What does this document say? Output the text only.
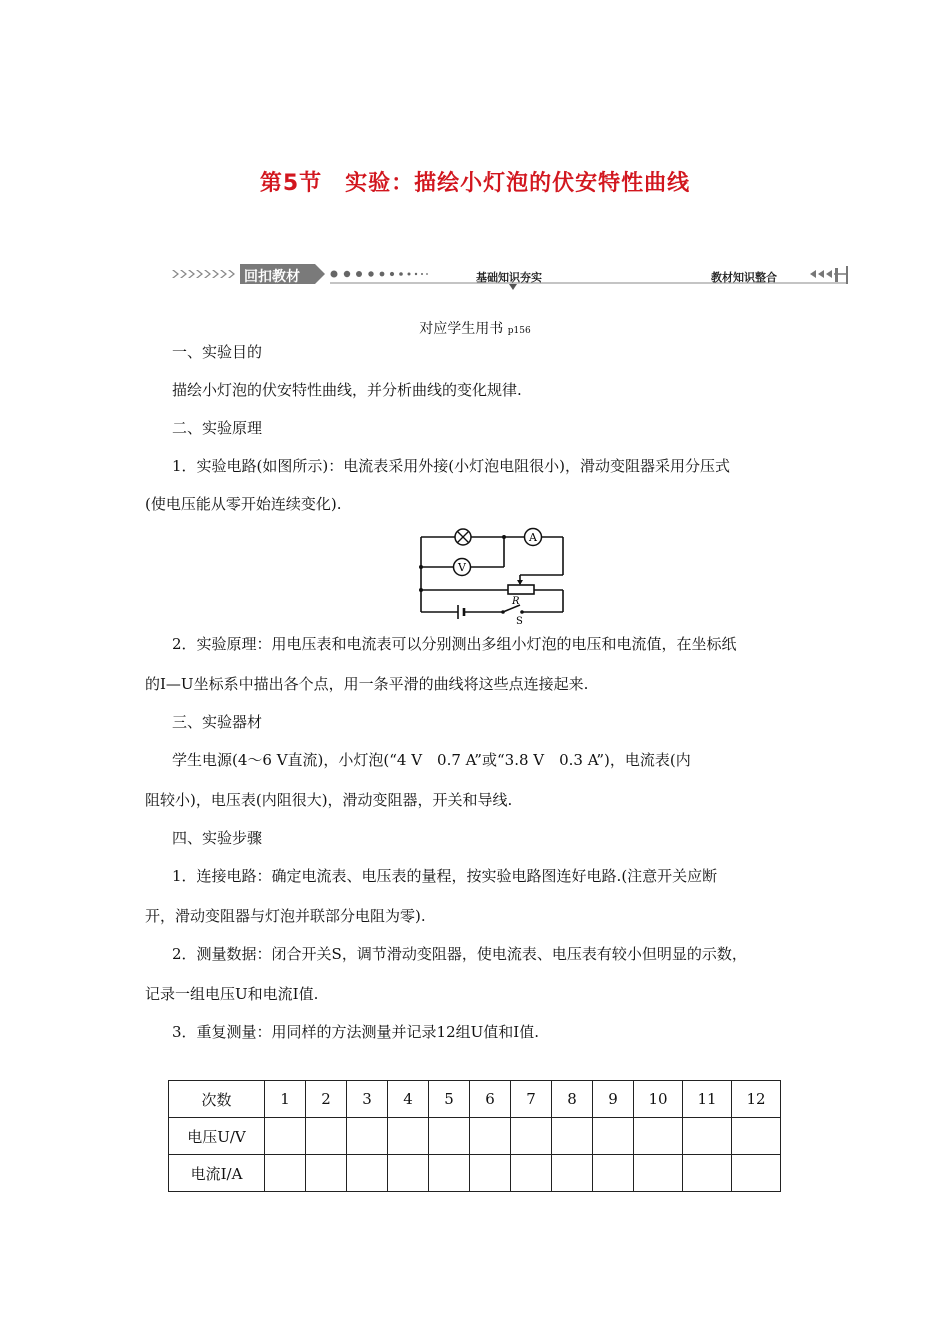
第5节　实验：描绘小灯泡的伏安特性曲线
回扣教材	基础知识夯实	教材知识整合
对应学生用书 p156
一、实验目的
描绘小灯泡的伏安特性曲线，并分析曲线的变化规律.
二、实验原理
1．实验电路(如图所示)：电流表采用外接(小灯泡电阻很小)，滑动变阻器采用分压式
(使电压能从零开始连续变化).
A
V
R
S
2．实验原理：用电压表和电流表可以分别测出多组小灯泡的电压和电流值，在坐标纸
的I—U坐标系中描出各个点，用一条平滑的曲线将这些点连接起来.
三、实验器材
学生电源(4～6 V直流)，小灯泡(“4 V　0.7 A”或“3.8 V　0.3 A”)，电流表(内
阻较小)，电压表(内阻很大)，滑动变阻器，开关和导线.
四、实验步骤
1．连接电路：确定电流表、电压表的量程，按实验电路图连好电路.(注意开关应断
开，滑动变阻器与灯泡并联部分电阻为零).
2．测量数据：闭合开关S，调节滑动变阻器，使电流表、电压表有较小但明显的示数，
记录一组电压U和电流I值.
3．重复测量：用同样的方法测量并记录12组U值和I值.
次数	1	2	3	4	5	6	7	8	9	10	11	12
电压U/V												
电流I/A												
